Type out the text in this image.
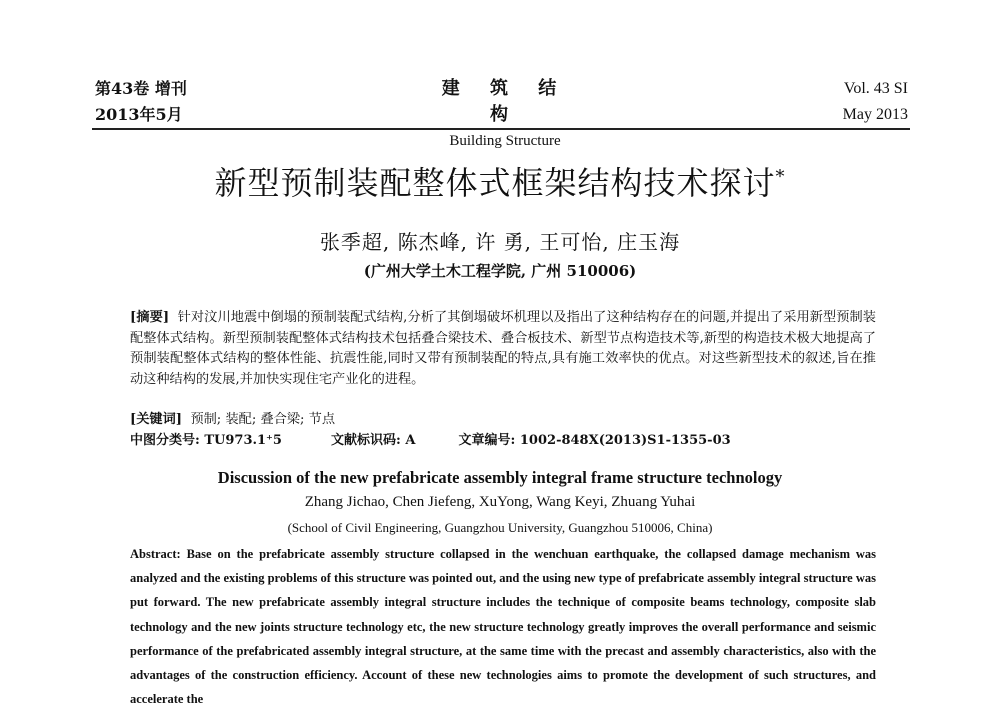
第43卷 增刊
2013年5月
建 筑 结 构
Building Structure
Vol. 43 SI
May 2013
新型预制装配整体式框架结构技术探讨*
张季超, 陈杰峰, 许 勇, 王可怡, 庄玉海
(广州大学土木工程学院, 广州 510006)
[摘要] 针对汶川地震中倒塌的预制装配式结构,分析了其倒塌破坏机理以及指出了这种结构存在的问题,并提出了采用新型预制装配整体式结构。新型预制装配整体式结构技术包括叠合梁技术、叠合板技术、新型节点构造技术等,新型的构造技术极大地提高了预制装配整体式结构的整体性能、抗震性能,同时又带有预制装配的特点,具有施工效率快的优点。对这些新型技术的叙述,旨在推动这种结构的发展,并加快实现住宅产业化的进程。
[关键词] 预制; 装配; 叠合梁; 节点
中图分类号: TU973.1⁺5	文献标识码: A	文章编号: 1002-848X(2013)S1-1355-03
Discussion of the new prefabricate assembly integral frame structure technology
Zhang Jichao, Chen Jiefeng, XuYong, Wang Keyi, Zhuang Yuhai
(School of Civil Engineering, Guangzhou University, Guangzhou 510006, China)
Abstract: Base on the prefabricate assembly structure collapsed in the wenchuan earthquake, the collapsed damage mechanism was analyzed and the existing problems of this structure was pointed out, and the using new type of prefabricate assembly integral structure was put forward. The new prefabricate assembly integral structure includes the technique of composite beams technology, composite slab technology and the new joints structure technology etc, the new structure technology greatly improves the overall performance and seismic performance of the prefabricated assembly integral structure, at the same time with the precast and assembly characteristics, also with the advantages of the construction efficiency. Account of these new technologies aims to promote the development of such structures, and accelerate the
